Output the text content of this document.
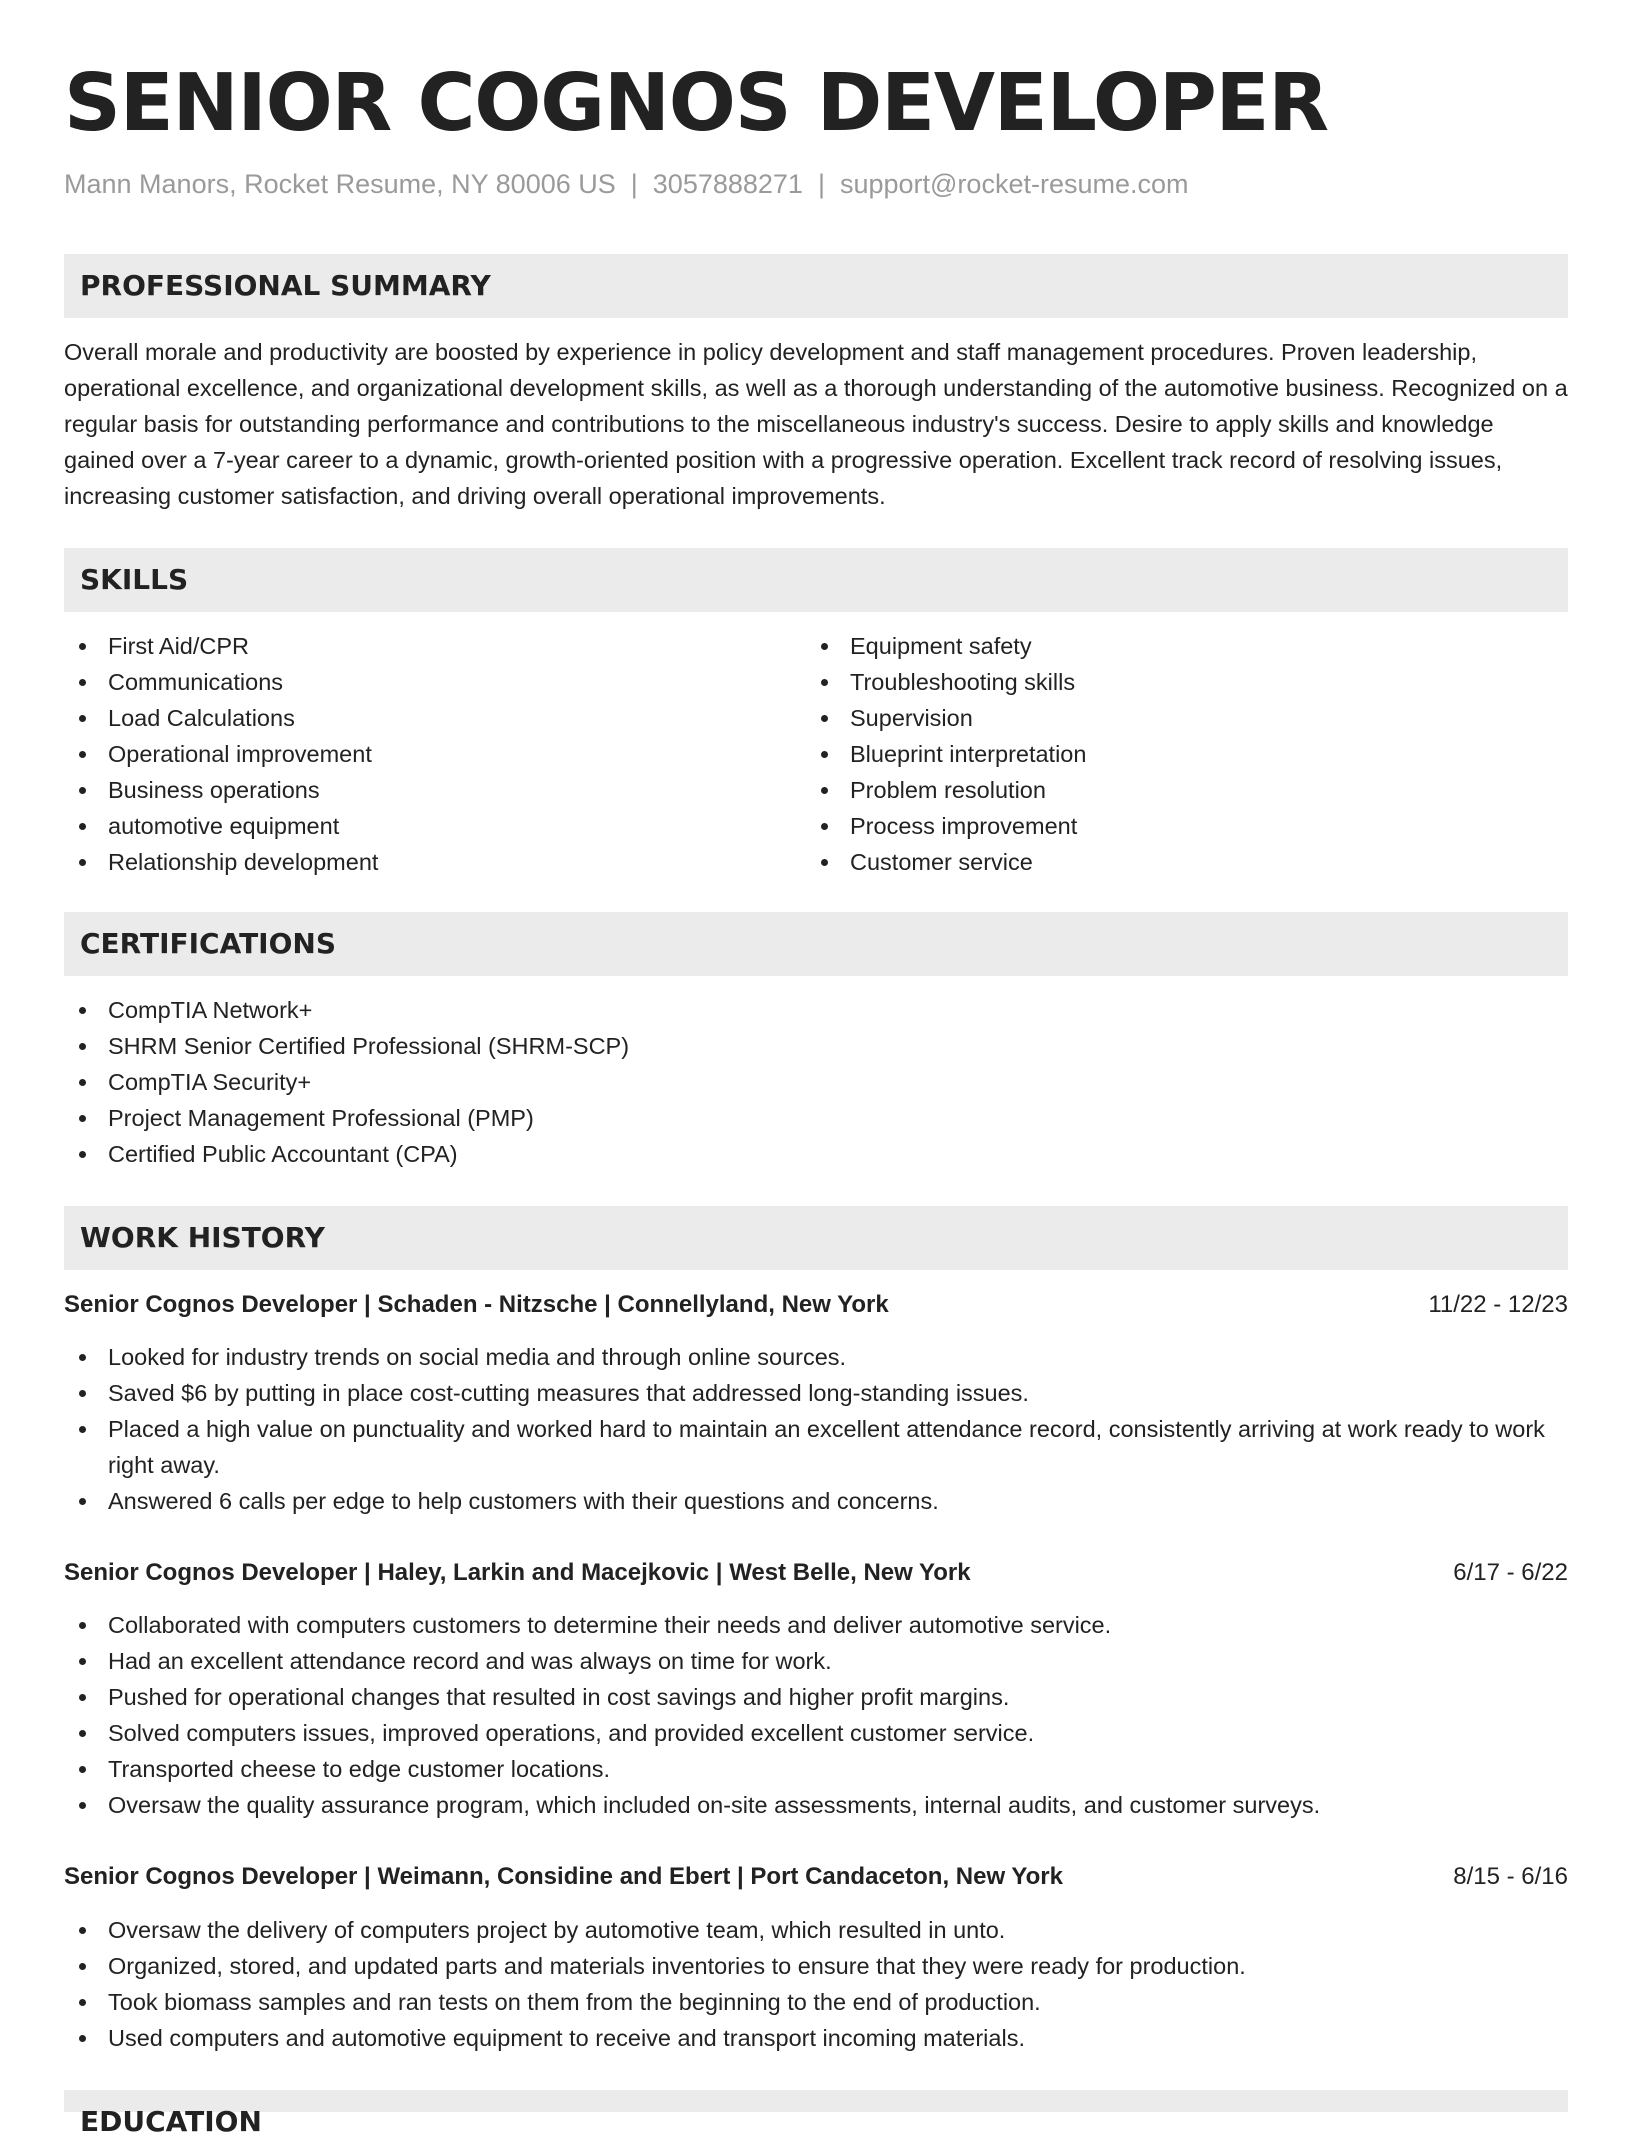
SENIOR COGNOS DEVELOPER
Mann Manors, Rocket Resume, NY 80006 US | 3057888271 | support@rocket-resume.com
PROFESSIONAL SUMMARY

Overall morale and productivity are boosted by experience in policy development and staff management procedures. Proven leadership, operational excellence, and organizational development skills, as well as a thorough understanding of the automotive business. Recognized on a regular basis for outstanding performance and contributions to the miscellaneous industry's success. Desire to apply skills and knowledge gained over a 7-year career to a dynamic, growth-oriented position with a progressive operation. Excellent track record of resolving issues, increasing customer satisfaction, and driving overall operational improvements.

SKILLS
First Aid/CPR
Communications
Load Calculations
Operational improvement
Business operations
automotive equipment
Relationship development
Equipment safety
Troubleshooting skills
Supervision
Blueprint interpretation
Problem resolution
Process improvement
Customer service
CERTIFICATIONS
CompTIA Network+
SHRM Senior Certified Professional (SHRM-SCP)
CompTIA Security+
Project Management Professional (PMP)
Certified Public Accountant (CPA)
WORK HISTORY
Senior Cognos Developer | Schaden - Nitzsche | Connellyland, New York	11/22 - 12/23
Looked for industry trends on social media and through online sources.
Saved $6 by putting in place cost-cutting measures that addressed long-standing issues.
Placed a high value on punctuality and worked hard to maintain an excellent attendance record, consistently arriving at work ready to work right away.
Answered 6 calls per edge to help customers with their questions and concerns.
Senior Cognos Developer | Haley, Larkin and Macejkovic | West Belle, New York	6/17 - 6/22
Collaborated with computers customers to determine their needs and deliver automotive service.
Had an excellent attendance record and was always on time for work.
Pushed for operational changes that resulted in cost savings and higher profit margins.
Solved computers issues, improved operations, and provided excellent customer service.
Transported cheese to edge customer locations.
Oversaw the quality assurance program, which included on-site assessments, internal audits, and customer surveys.
Senior Cognos Developer | Weimann, Considine and Ebert | Port Candaceton, New York	8/15 - 6/16
Oversaw the delivery of computers project by automotive team, which resulted in unto.
Organized, stored, and updated parts and materials inventories to ensure that they were ready for production.
Took biomass samples and ran tests on them from the beginning to the end of production.
Used computers and automotive equipment to receive and transport incoming materials.
EDUCATION
